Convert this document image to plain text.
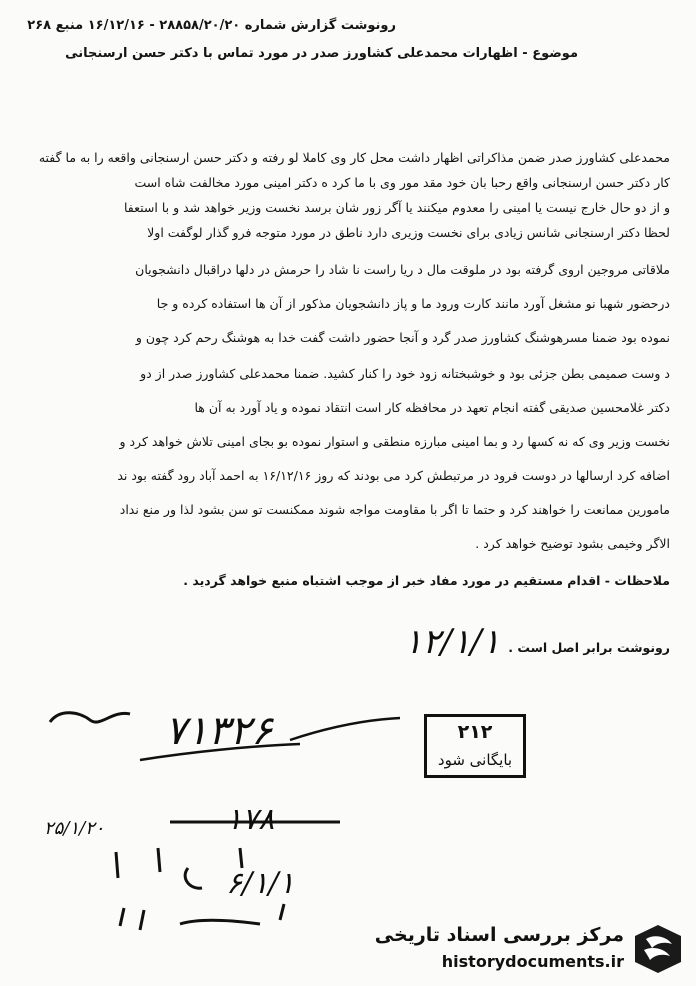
رونوشت گزارش شماره ۲۸۸۵۸/۲۰/۲۰ - ۱۶/۱۲/۱۶ منبع ۲۶۸
موضوع - اظهارات محمدعلی کشاورز صدر در مورد تماس با دکتر حسن ارسنجانی
محمدعلی کشاورز صدر ضمن مذاکراتی اظهار داشت محل کار وی کاملا لو رفته و دکتر حسن ارسنجانی واقعه را به ما گفته
کار دکتر حسن ارسنجانی واقع رحبا بان خود مقد مور وی با ما کرد ه دکتر امینی مورد مخالفت شاه است
و از دو حال خارج نیست یا امینی را معدوم میکنند یا آگر زور شان برسد نخست وزیر خواهد شد و با استعفا
لحظا دکتر ارسنجانی شانس زیادی برای نخست وزیری دارد ناطق در مورد متوجه فرو گذار لوگفت اولا
ملاقاتی مروجین اروی گرفته بود در ملوقت مال د ریا راست نا شاد را حرمش در دلها دراقبال دانشجویان
درحضور شهبا نو مشغل آورد مانند کارت ورود ما و پاز دانشجویان مذکور از آن ها استفاده کرده و جا
نموده بود ضمنا مسرهوشنگ کشاورز صدر گرد و آنجا حضور داشت گفت خدا به هوشنگ رحم کرد چون و
د وست صمیمی بطن جزئی بود و خوشبختانه زود خود را کنار کشید. ضمنا محمدعلی کشاورز صدر از دو
دکتر غلامحسین صدیقی گفته انجام تعهد در محافظه کار است انتقاد نموده و یاد آورد به آن ها
نخست وزیر وی که نه کسها رد و بما امینی مبارزه منطقی و استوار نموده بو بجای امینی تلاش خواهد کرد و
اضافه کرد ارسالها در دوست فرود در مرتبطش کرد می بودند که روز ۱۶/۱۲/۱۶ به احمد آباد رود گفته بود ند
مامورین ممانعت را خواهند کرد و حتما تا اگر با مقاومت مواجه شوند ممکنست تو سن بشود لذا ور منع نداد
الاگر وخیمی بشود توضیح خواهد کرد .
ملاحظات - اقدام مستقیم در مورد مفاد خبر از موجب اشتباه منبع خواهد گردید .
۱۲/۱/۱ رونوشت برابر اصل است .
۲۱۲
بایگانی شود
۷۱۳۲۶
۲۵/۱/۲۰	۱۷۸
۶/۱/۱
مرکز بررسی اسناد تاریخی
historydocuments.ir
